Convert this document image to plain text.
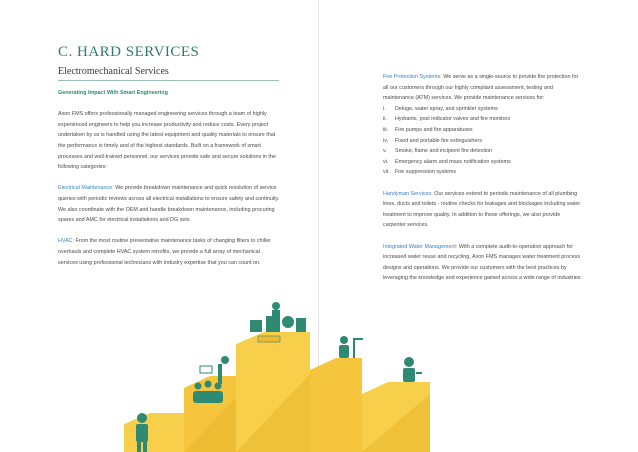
C. HARD SERVICES
Electromechanical Services

Generating Impact With Smart Engineering

Axon FMS offers professionally managed engineering services through a team of highly experienced engineers to help you increase productivity and reduce costs. Every project undertaken by us is handled using the latest equipment and quality materials to ensure that the performance is timely and of the highest standards. Built on a framework of smart processes and well-trained personnel, our services provide safe and secure solutions in the following categories:

Electrical Maintenance: We provide breakdown maintenance and quick resolution of service queries with periodic reviews across all electrical installations to ensure safety and continuity. We also coordinate with the OEM and handle breakdown maintenance, including procuring spares and AMC for electrical installations and DG sets.

HVAC: From the most routine preventative maintenance tasks of changing filters to chiller overhauls and complete HVAC system retrofits, we provide a full array of mechanical services using professional technicians with industry expertise that you can count on.

Fire Protection Systems: We serve as a single-source to provide fire protection for all our customers through our highly compliant assessment, testing and maintenance (ATM) services. We provide maintenance services for:

i.	Deluge, water spray, and sprinkler systems
ii.	Hydrants, post indicator valves and fire monitors
iii.	Fire pumps and fire apparatuses
iv.	Fixed and portable fire extinguishers
v.	Smoke, flame and incipient fire detection
vi.	Emergency alarm and mass notification systems
vii.	Fire suppression systems

Handyman Services: Our services extend to periodic maintenance of all plumbing lines, ducts and toilets - routine checks for leakages and blockages including water treatment to improve quality. In addition to these offerings, we also provide carpenter services.

Integrated Water Management: With a complete audit-to-operation approach for increased water reuse and recycling, Axon FMS manages water treatment process designs and operations. We provide our customers with the best practices by leveraging the knowledge and experience gained across a wide range of industries.
